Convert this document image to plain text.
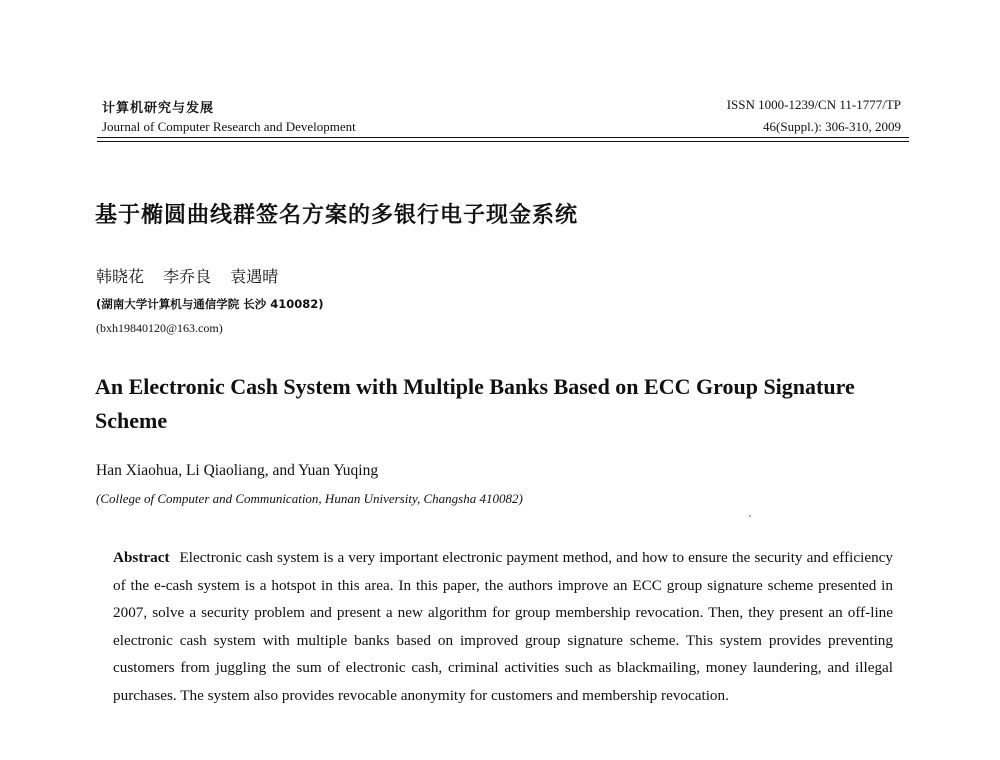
计算机研究与发展
Journal of Computer Research and Development
ISSN 1000-1239/CN 11-1777/TP
46(Suppl.): 306-310, 2009
基于椭圆曲线群签名方案的多银行电子现金系统
韩晓花 李乔良 袁遇晴
(湖南大学计算机与通信学院 长沙 410082)
(bxh19840120@163.com)
An Electronic Cash System with Multiple Banks Based on ECC Group Signature Scheme
Han Xiaohua, Li Qiaoliang, and Yuan Yuqing
(College of Computer and Communication, Hunan University, Changsha 410082)
Abstract Electronic cash system is a very important electronic payment method, and how to ensure the security and efficiency of the e-cash system is a hotspot in this area. In this paper, the authors improve an ECC group signature scheme presented in 2007, solve a security problem and present a new algorithm for group membership revocation. Then, they present an off-line electronic cash system with multiple banks based on improved group signature scheme. This system provides preventing customers from juggling the sum of electronic cash, criminal activities such as blackmailing, money laundering, and illegal purchases. The system also provides revocable anonymity for customers and membership revocation.
